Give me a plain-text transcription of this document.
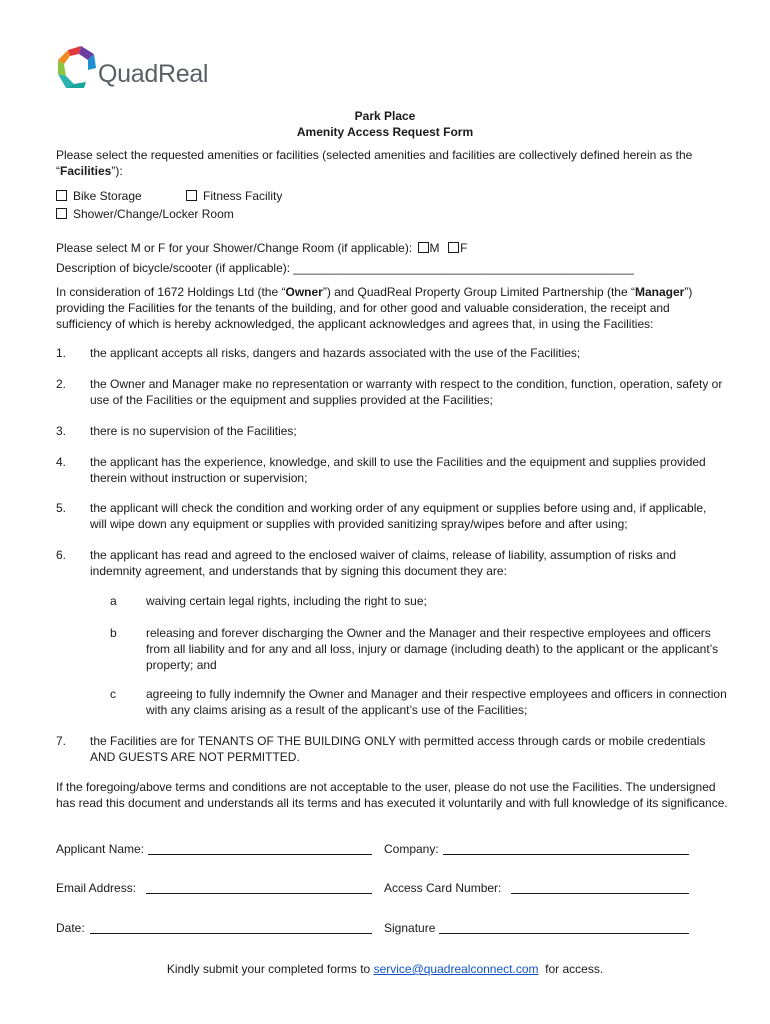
QuadReal
Park Place
Amenity Access Request Form
Please select the requested amenities or facilities (selected amenities and facilities are collectively defined herein as the “Facilities”):
Bike Storage	Fitness Facility
Shower/Change/Locker Room
Please select M or F for your Shower/Change Room (if applicable): M F
Description of bicycle/scooter (if applicable): ___________________________________________________
In consideration of 1672 Holdings Ltd (the “Owner”) and QuadReal Property Group Limited Partnership (the “Manager”) providing the Facilities for the tenants of the building, and for other good and valuable consideration, the receipt and sufficiency of which is hereby acknowledged, the applicant acknowledges and agrees that, in using the Facilities:
1. the applicant accepts all risks, dangers and hazards associated with the use of the Facilities;
2. the Owner and Manager make no representation or warranty with respect to the condition, function, operation, safety or use of the Facilities or the equipment and supplies provided at the Facilities;
3. there is no supervision of the Facilities;
4. the applicant has the experience, knowledge, and skill to use the Facilities and the equipment and supplies provided therein without instruction or supervision;
5. the applicant will check the condition and working order of any equipment or supplies before using and, if applicable, will wipe down any equipment or supplies with provided sanitizing spray/wipes before and after using;
6. the applicant has read and agreed to the enclosed waiver of claims, release of liability, assumption of risks and indemnity agreement, and understands that by signing this document they are:
a waiving certain legal rights, including the right to sue;
b releasing and forever discharging the Owner and the Manager and their respective employees and officers from all liability and for any and all loss, injury or damage (including death) to the applicant or the applicant’s property; and
c	agreeing to fully indemnify the Owner and Manager and their respective employees and officers in connection with any claims arising as a result of the applicant’s use of the Facilities;
7. the Facilities are for TENANTS OF THE BUILDING ONLY with permitted access through cards or mobile credentials AND GUESTS ARE NOT PERMITTED.
If the foregoing/above terms and conditions are not acceptable to the user, please do not use the Facilities. The undersigned has read this document and understands all its terms and has executed it voluntarily and with full knowledge of its significance.
Applicant Name:	Company:
Email Address:	Access Card Number:
Date:	Signature
Kindly submit your completed forms to service@quadrealconnect.com  for access.
